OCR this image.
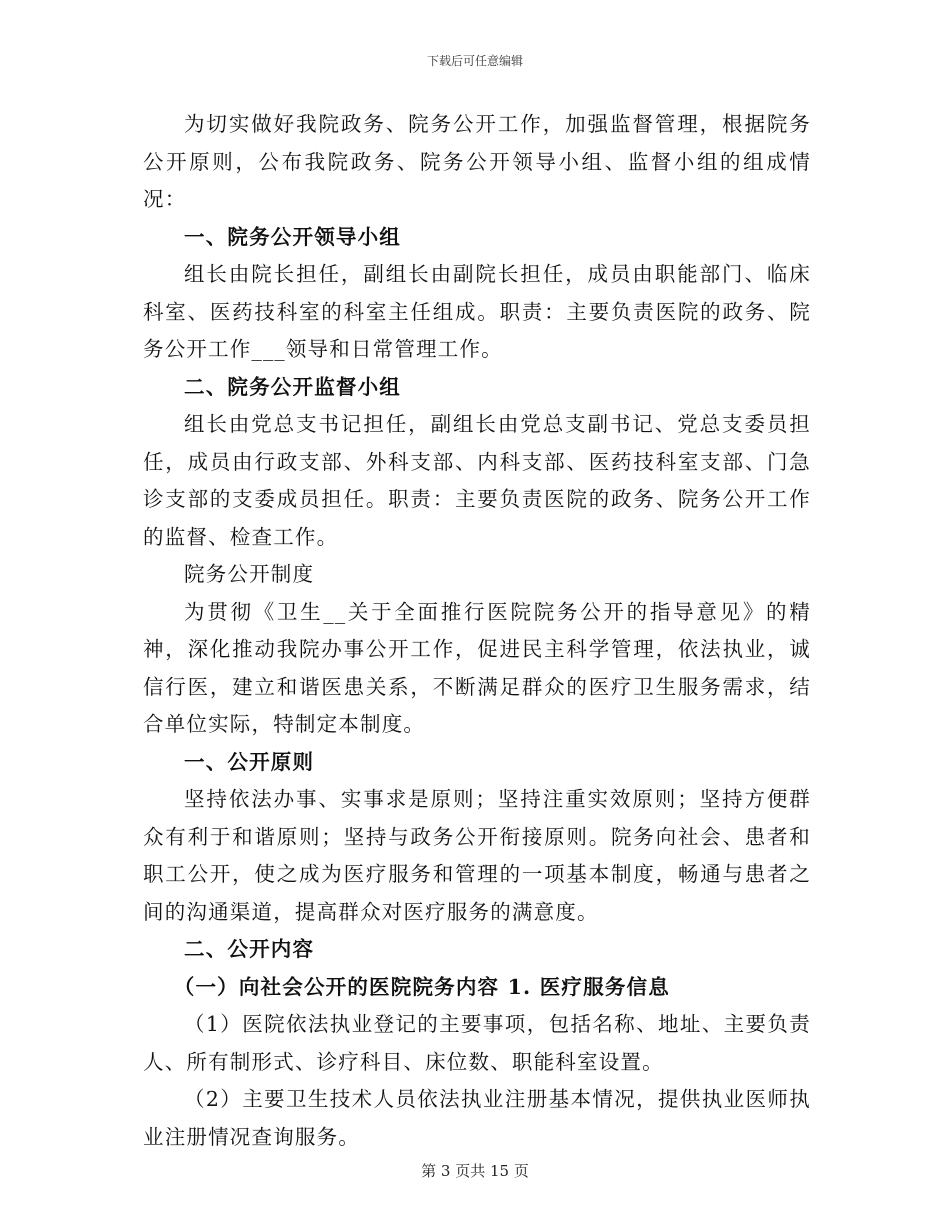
下载后可任意编辑

为切实做好我院政务、院务公开工作，加强监督管理，根据院务公开原则，公布我院政务、院务公开领导小组、监督小组的组成情况：

一、院务公开领导小组

组长由院长担任，副组长由副院长担任，成员由职能部门、临床科室、医药技科室的科室主任组成。职责：主要负责医院的政务、院务公开工作___领导和日常管理工作。

二、院务公开监督小组

组长由党总支书记担任，副组长由党总支副书记、党总支委员担任，成员由行政支部、外科支部、内科支部、医药技科室支部、门急诊支部的支委成员担任。职责：主要负责医院的政务、院务公开工作的监督、检查工作。

院务公开制度

为贯彻《卫生__关于全面推行医院院务公开的指导意见》的精神，深化推动我院办事公开工作，促进民主科学管理，依法执业，诚信行医，建立和谐医患关系，不断满足群众的医疗卫生服务需求，结合单位实际，特制定本制度。

一、公开原则

坚持依法办事、实事求是原则；坚持注重实效原则；坚持方便群众有利于和谐原则；坚持与政务公开衔接原则。院务向社会、患者和职工公开，使之成为医疗服务和管理的一项基本制度，畅通与患者之间的沟通渠道，提高群众对医疗服务的满意度。

二、公开内容

（一）向社会公开的医院院务内容 1. 医疗服务信息

（1）医院依法执业登记的主要事项，包括名称、地址、主要负责人、所有制形式、诊疗科目、床位数、职能科室设置。

（2）主要卫生技术人员依法执业注册基本情况，提供执业医师执业注册情况查询服务。

第 3 页共 15 页
